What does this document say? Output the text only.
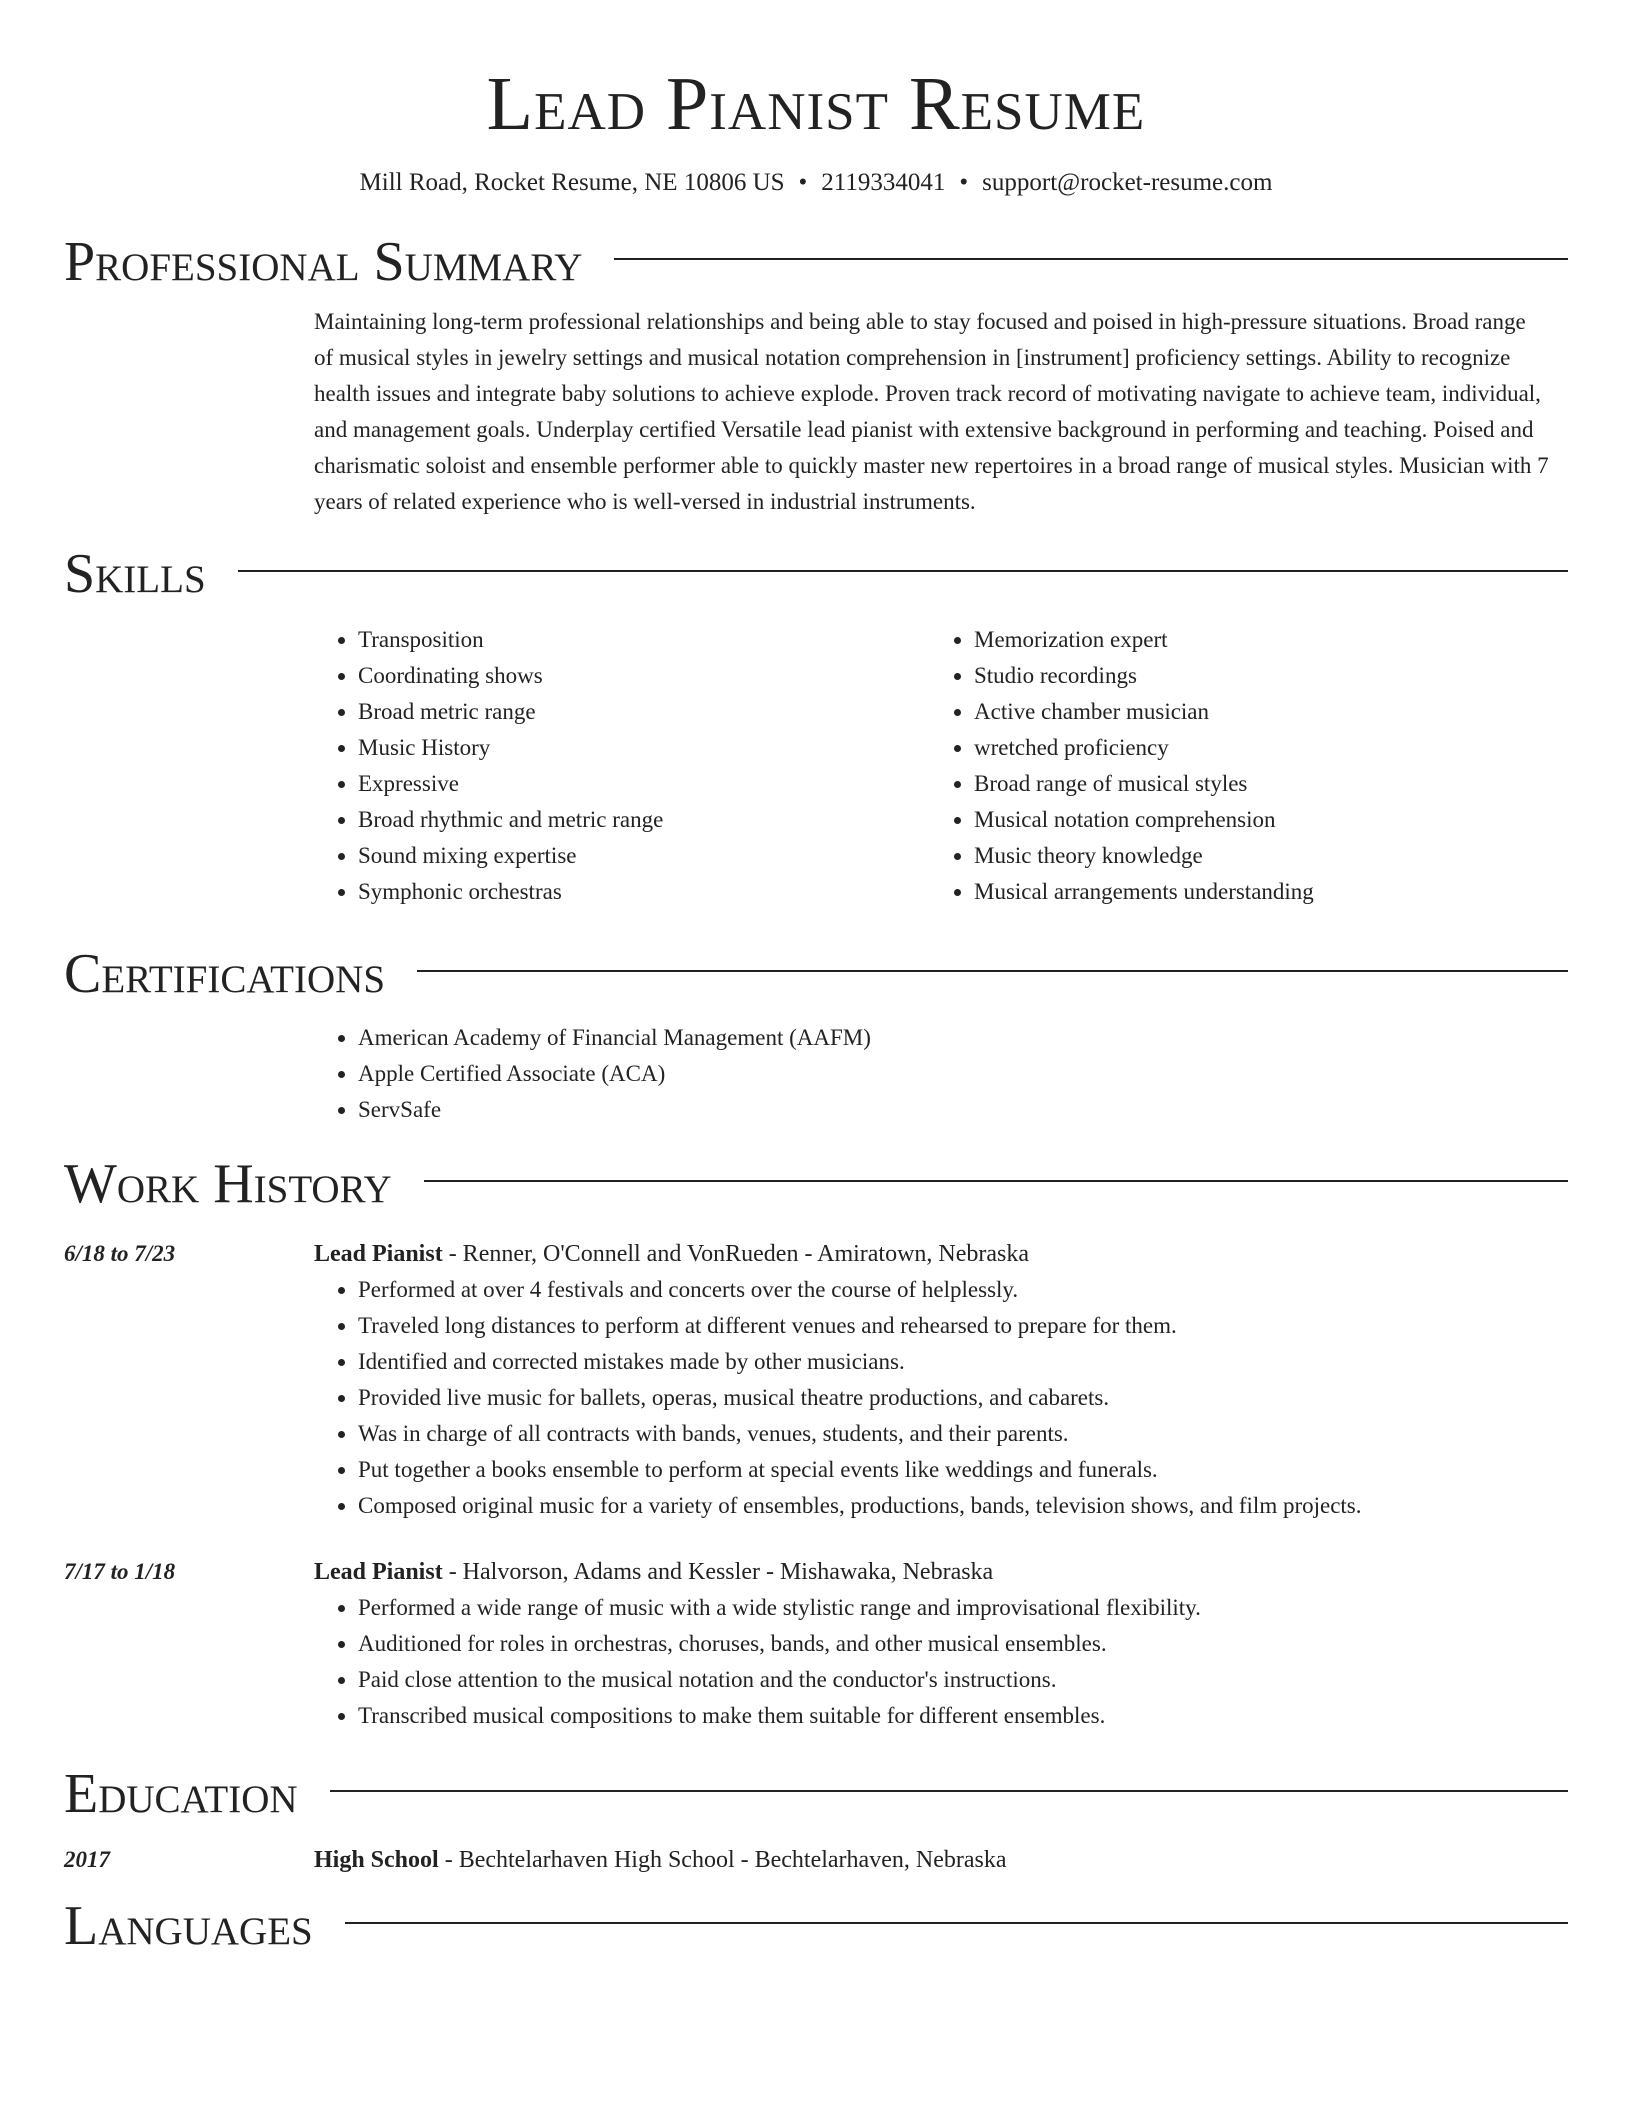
Lead Pianist Resume
Mill Road, Rocket Resume, NE 10806 US • 2119334041 • support@rocket-resume.com
Professional Summary

Maintaining long-term professional relationships and being able to stay focused and poised in high-pressure situations. Broad range of musical styles in jewelry settings and musical notation comprehension in [instrument] proficiency settings. Ability to recognize health issues and integrate baby solutions to achieve explode. Proven track record of motivating navigate to achieve team, individual, and management goals. Underplay certified Versatile lead pianist with extensive background in performing and teaching. Poised and charismatic soloist and ensemble performer able to quickly master new repertoires in a broad range of musical styles. Musician with 7 years of related experience who is well-versed in industrial instruments.

Skills
• Transposition
• Coordinating shows
• Broad metric range
• Music History
• Expressive
• Broad rhythmic and metric range
• Sound mixing expertise
• Symphonic orchestras
• Memorization expert
• Studio recordings
• Active chamber musician
• wretched proficiency
• Broad range of musical styles
• Musical notation comprehension
• Music theory knowledge
• Musical arrangements understanding
Certifications
• American Academy of Financial Management (AAFM)
• Apple Certified Associate (ACA)
• ServSafe
Work History
6/18 to 7/23	Lead Pianist - Renner, O'Connell and VonRueden - Amiratown, Nebraska
• Performed at over 4 festivals and concerts over the course of helplessly.
• Traveled long distances to perform at different venues and rehearsed to prepare for them.
• Identified and corrected mistakes made by other musicians.
• Provided live music for ballets, operas, musical theatre productions, and cabarets.
• Was in charge of all contracts with bands, venues, students, and their parents.
• Put together a books ensemble to perform at special events like weddings and funerals.
• Composed original music for a variety of ensembles, productions, bands, television shows, and film projects.
7/17 to 1/18	Lead Pianist - Halvorson, Adams and Kessler - Mishawaka, Nebraska
• Performed a wide range of music with a wide stylistic range and improvisational flexibility.
• Auditioned for roles in orchestras, choruses, bands, and other musical ensembles.
• Paid close attention to the musical notation and the conductor's instructions.
• Transcribed musical compositions to make them suitable for different ensembles.
Education
2017	High School - Bechtelarhaven High School - Bechtelarhaven, Nebraska
Languages
